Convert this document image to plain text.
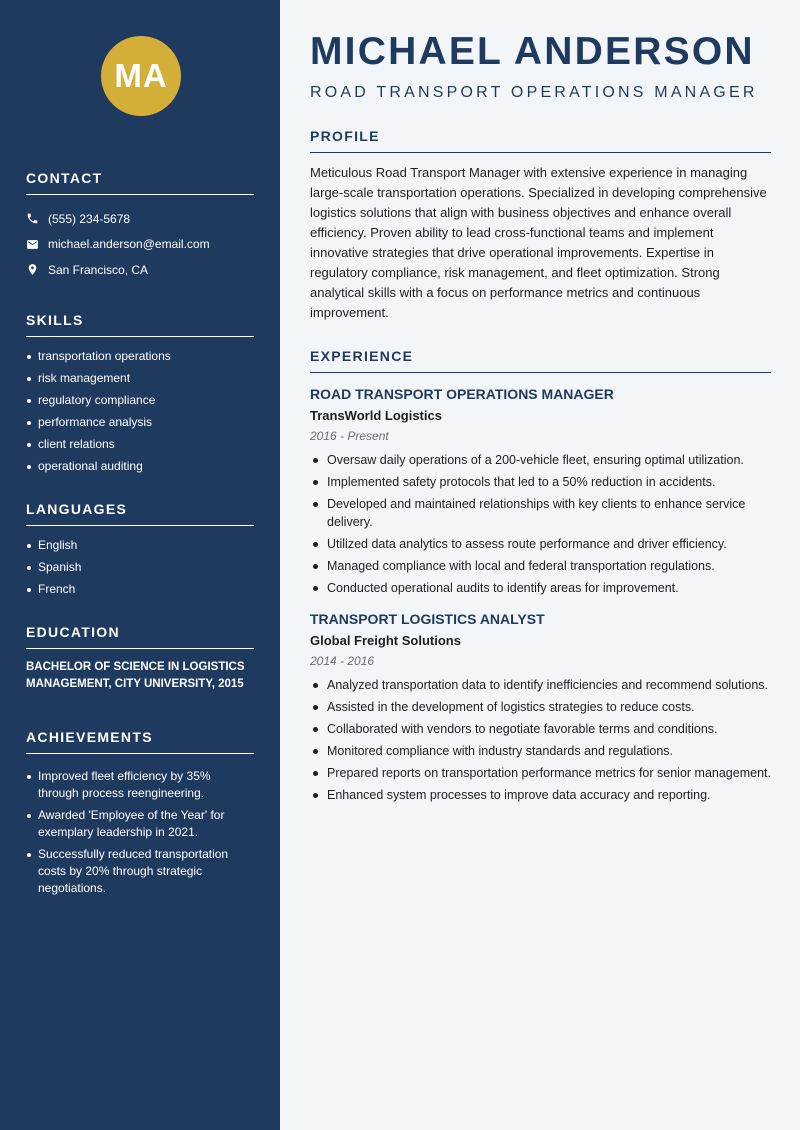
MA
CONTACT
(555) 234-5678
michael.anderson@email.com
San Francisco, CA
SKILLS
transportation operations
risk management
regulatory compliance
performance analysis
client relations
operational auditing
LANGUAGES
English
Spanish
French
EDUCATION
BACHELOR OF SCIENCE IN LOGISTICS MANAGEMENT, CITY UNIVERSITY, 2015
ACHIEVEMENTS
Improved fleet efficiency by 35% through process reengineering.
Awarded 'Employee of the Year' for exemplary leadership in 2021.
Successfully reduced transportation costs by 20% through strategic negotiations.
MICHAEL ANDERSON
ROAD TRANSPORT OPERATIONS MANAGER
PROFILE

Meticulous Road Transport Manager with extensive experience in managing large-scale transportation operations. Specialized in developing comprehensive logistics solutions that align with business objectives and enhance overall efficiency. Proven ability to lead cross-functional teams and implement innovative strategies that drive operational improvements. Expertise in regulatory compliance, risk management, and fleet optimization. Strong analytical skills with a focus on performance metrics and continuous improvement.

EXPERIENCE
ROAD TRANSPORT OPERATIONS MANAGER
TransWorld Logistics
2016 - Present
Oversaw daily operations of a 200-vehicle fleet, ensuring optimal utilization.
Implemented safety protocols that led to a 50% reduction in accidents.
Developed and maintained relationships with key clients to enhance service delivery.
Utilized data analytics to assess route performance and driver efficiency.
Managed compliance with local and federal transportation regulations.
Conducted operational audits to identify areas for improvement.
TRANSPORT LOGISTICS ANALYST
Global Freight Solutions
2014 - 2016
Analyzed transportation data to identify inefficiencies and recommend solutions.
Assisted in the development of logistics strategies to reduce costs.
Collaborated with vendors to negotiate favorable terms and conditions.
Monitored compliance with industry standards and regulations.
Prepared reports on transportation performance metrics for senior management.
Enhanced system processes to improve data accuracy and reporting.
